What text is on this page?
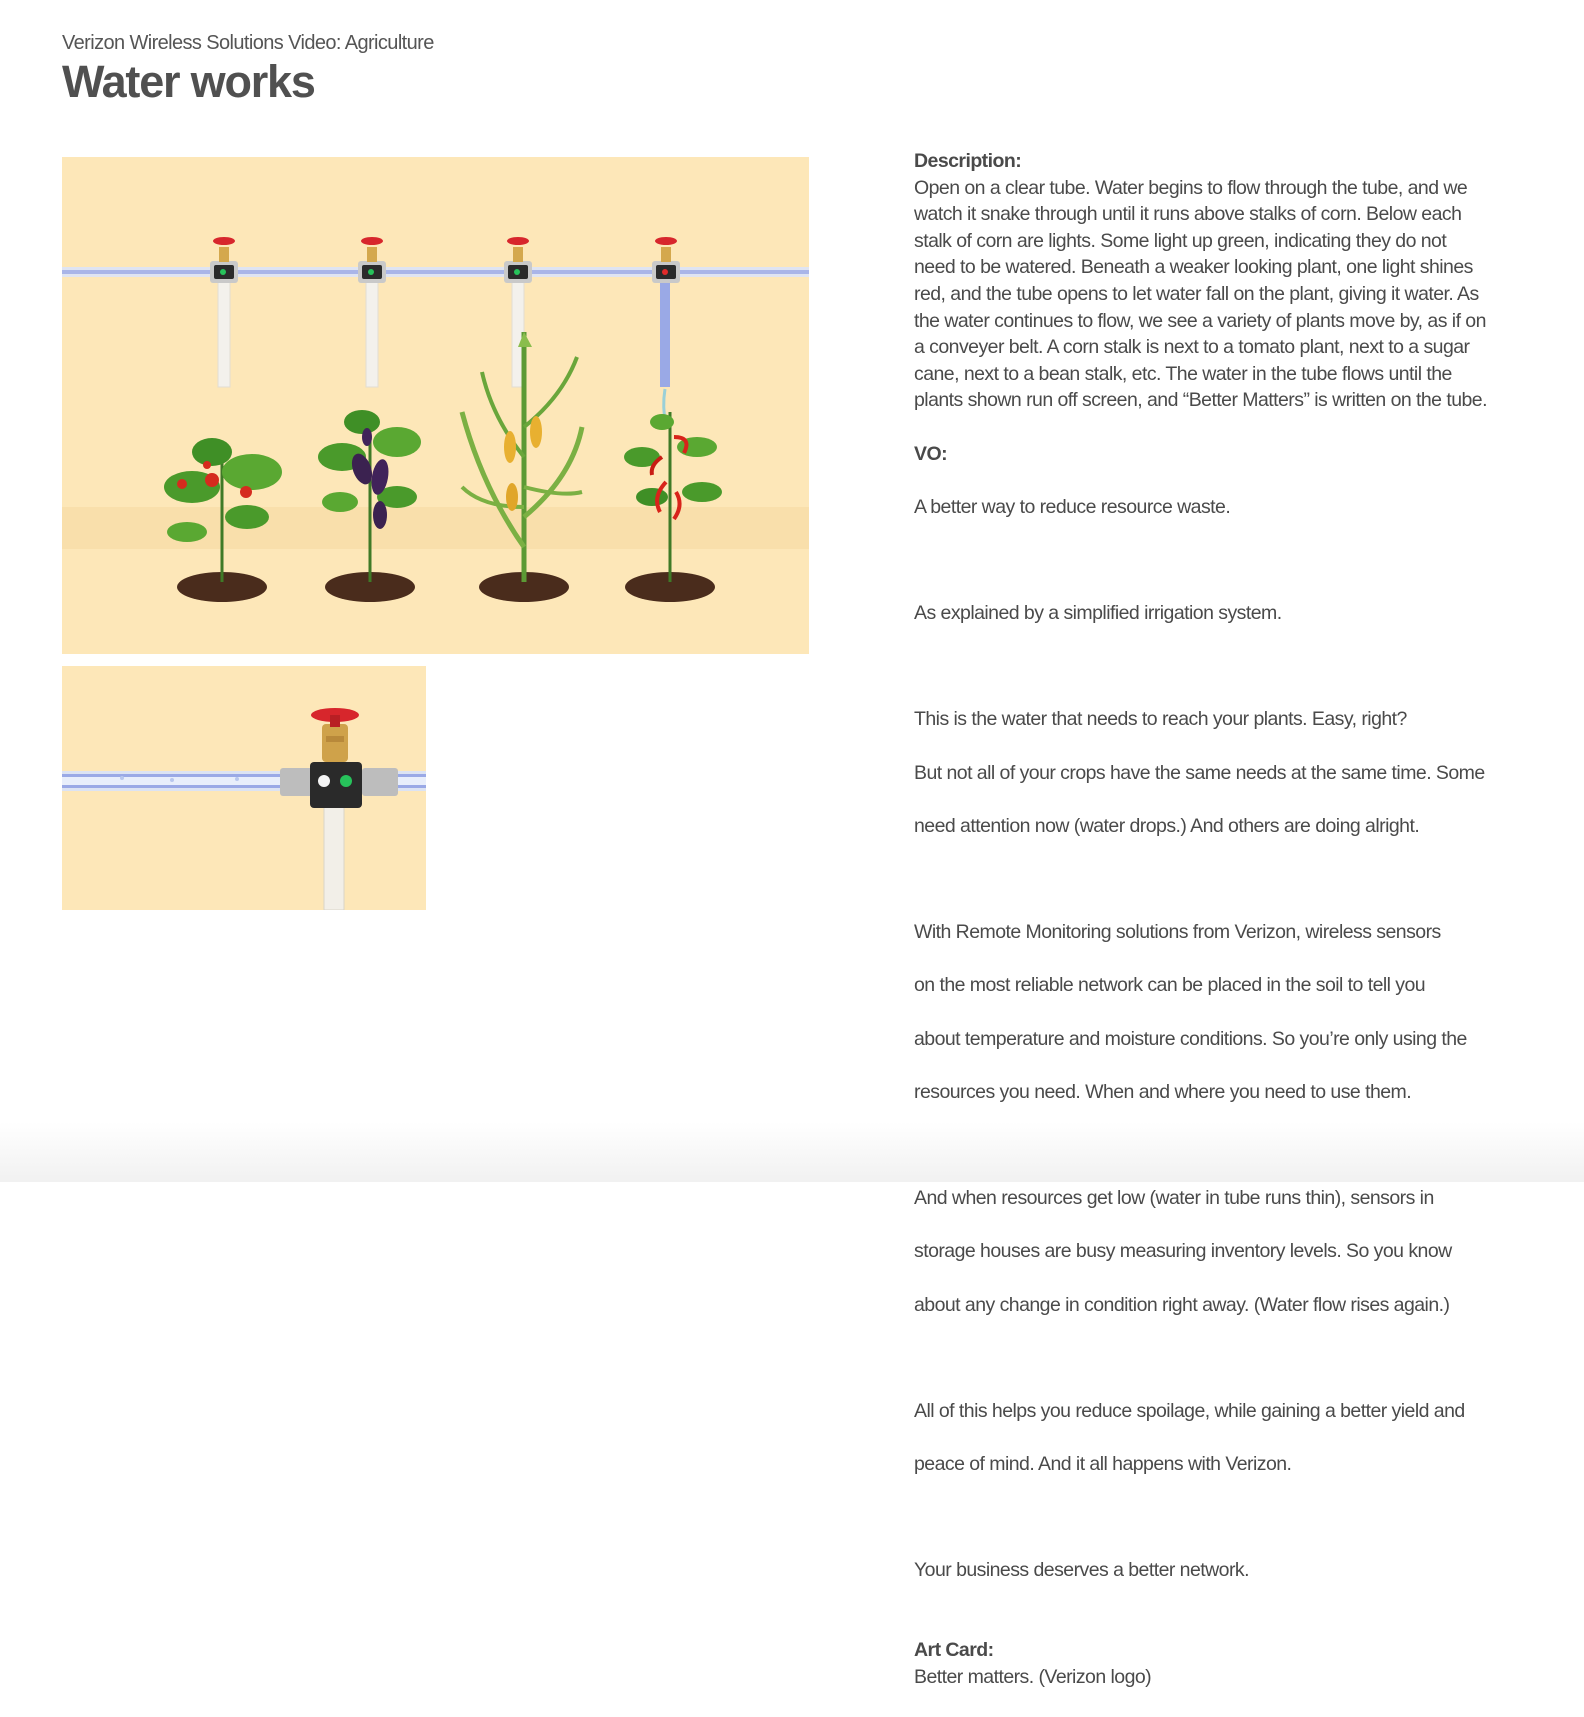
Verizon Wireless Solutions Video: Agriculture
Water works
Description:
Open on a clear tube. Water begins to flow through the tube, and we
watch it snake through until it runs above stalks of corn. Below each
stalk of corn are lights. Some light up green, indicating they do not
need to be watered. Beneath a weaker looking plant, one light shines
red, and the tube opens to let water fall on the plant, giving it water. As
the water continues to flow, we see a variety of plants move by, as if on
a conveyer belt. A corn stalk is next to a tomato plant, next to a sugar
cane, next to a bean stalk, etc. The water in the tube flows until the
plants shown run off screen, and “Better Matters” is written on the tube.
VO:

A better way to reduce resource waste.

As explained by a simplified irrigation system.

This is the water that needs to reach your plants. Easy, right?

But not all of your crops have the same needs at the same time. Some

need attention now (water drops.) And others are doing alright.

With Remote Monitoring solutions from Verizon, wireless sensors

on the most reliable network can be placed in the soil to tell you

about temperature and moisture conditions. So you’re only using the

resources you need. When and where you need to use them.

And when resources get low (water in tube runs thin), sensors in

storage houses are busy measuring inventory levels. So you know

about any change in condition right away. (Water flow rises again.)

All of this helps you reduce spoilage, while gaining a better yield and

peace of mind. And it all happens with Verizon.

Your business deserves a better network.

Art Card:
Better matters. (Verizon logo)
